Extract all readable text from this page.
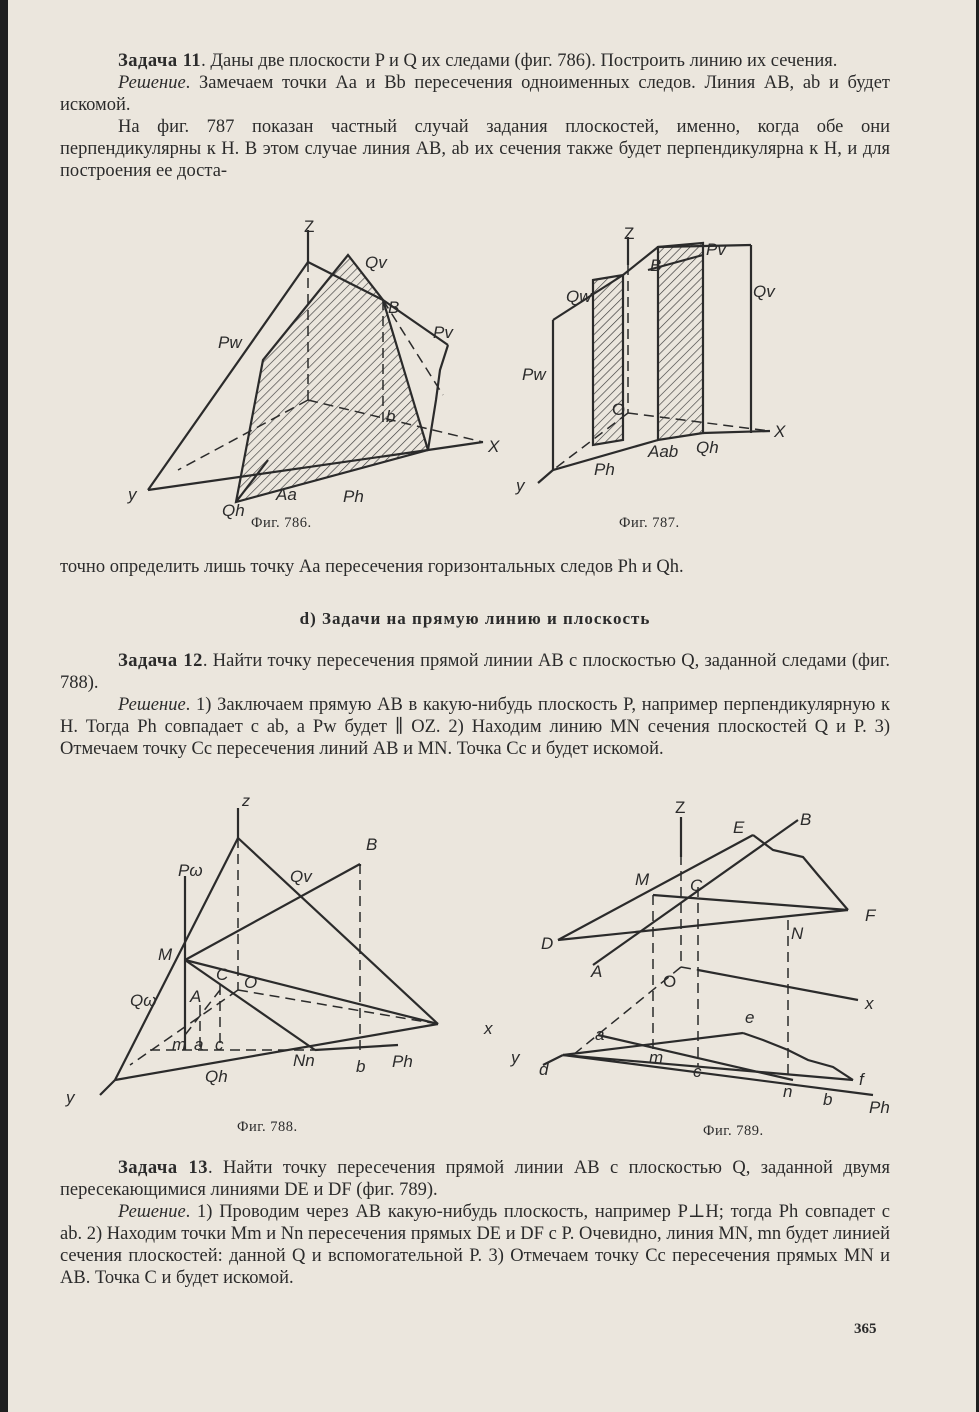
Задача 11. Даны две плоскости P и Q их следами (фиг. 786). Построить линию их сечения.

Решение. Замечаем точки Aa и Bb пересечения одноименных следов. Линия AB, ab и будет искомой.

На фиг. 787 показан частный случай задания плоскостей, именно, когда обе они перпендикулярны к H. В этом случае линия AB, ab их сечения также будет перпендикулярна к H, и для построения ее доста-

Z
Qv
B
Pv
Pw
b
X
y	Aa	Ph
Qh
Фиг. 786.
Z
Pv
B
Qw	Qv
Pw
O
X
Aab Qh
Ph
y
Фиг. 787.

точно определить лишь точку Aa пересечения горизонтальных следов Ph и Qh.

d) Задачи на прямую линию и плоскость

Задача 12. Найти точку пересечения прямой линии AB с плоскостью Q, заданной следами (фиг. 788).

Решение. 1) Заключаем прямую AB в какую-нибудь плоскость P, например перпендикулярную к H. Тогда Ph совпадает с ab, а Pw будет ∥ OZ. 2) Находим линию MN сечения плоскостей Q и P. 3) Отмечаем точку Cc пересечения линий AB и MN. Точка Cc и будет искомой.

z
B
Pω	Qv
M
C O
Qω A
x
m a c
Nn b Ph
Qh
y
Фиг. 788.
Z
E	B
M C
F
N
D
A
O
x
a
e
y
d
m
c	f
n b Ph
Фиг. 789.

Задача 13. Найти точку пересечения прямой линии AB с плоскостью Q, заданной двумя пересекающимися линиями DE и DF (фиг. 789).

Решение. 1) Проводим через AB какую-нибудь плоскость, например P⊥H; тогда Ph совпадет с ab. 2) Находим точки Mm и Nn пересечения прямых DE и DF с P. Очевидно, линия MN, mn будет линией сечения плоскостей: данной Q и вспомогательной P. 3) Отмечаем точку Cc пересечения прямых MN и AB. Точка C и будет искомой.

365
